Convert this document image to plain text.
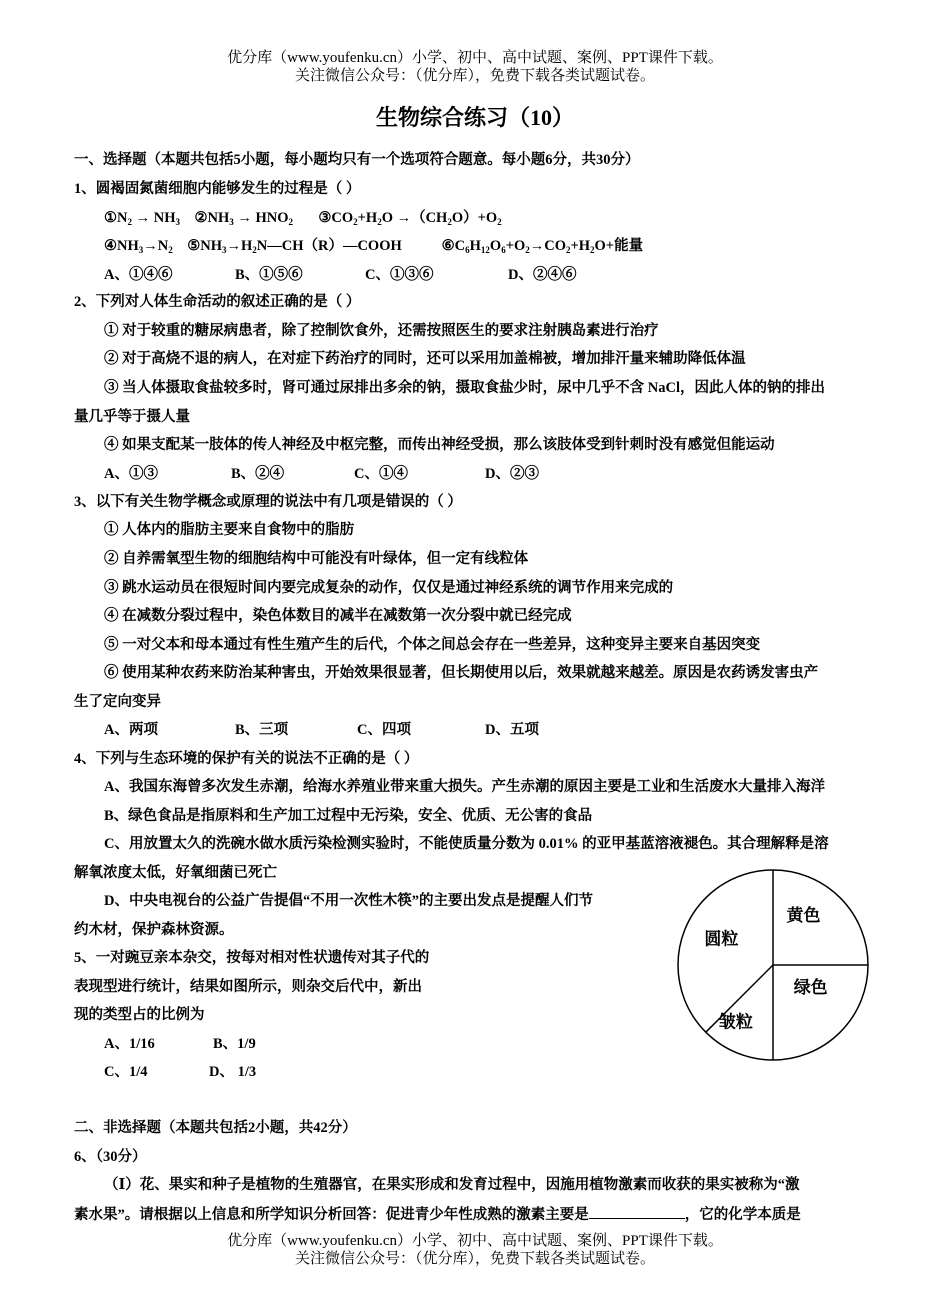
优分库（www.youfenku.cn）小学、初中、高中试题、案例、PPT课件下载。
关注微信公众号：（优分库），免费下载各类试题试卷。
生物综合练习（10）
一、选择题（本题共包括5小题，每小题均只有一个选项符合题意。每小题6分，共30分）
1、圆褐固氮菌细胞内能够发生的过程是（ ）
$①N_2 \to NH_3$    $②NH_3 \to HNO_2$       $③CO_2+H_2O \to(CH_2O)+O_2$
$④NH_3\to N_2$    $⑤NH_3\to H_2N—CH(R)—COOH$           $⑥C_6H_{12}O_6+O_2\to CO_2+H_2O+$能量
A、①④⑥	B、①⑤⑥	C、①③⑥	D、②④⑥
2、下列对人体生命活动的叙述正确的是（ ）
① 对于较重的糖尿病患者，除了控制饮食外，还需按照医生的要求注射胰岛素进行治疗
② 对于高烧不退的病人，在对症下药治疗的同时，还可以采用加盖棉被，增加排汗量来辅助降低体温
③ 当人体摄取食盐较多时，肾可通过尿排出多余的钠，摄取食盐少时，尿中几乎不含 NaCl，因此人体的钠的排出
量几乎等于摄人量
④ 如果支配某一肢体的传人神经及中枢完整，而传出神经受损，那么该肢体受到针刺时没有感觉但能运动
A、①③	B、②④	C、①④	D、②③
3、以下有关生物学概念或原理的说法中有几项是错误的（ ）
① 人体内的脂肪主要来自食物中的脂肪
② 自养需氧型生物的细胞结构中可能没有叶绿体，但一定有线粒体
③ 跳水运动员在很短时间内要完成复杂的动作，仅仅是通过神经系统的调节作用来完成的
④ 在减数分裂过程中，染色体数目的减半在减数第一次分裂中就已经完成
⑤ 一对父本和母本通过有性生殖产生的后代，个体之间总会存在一些差异，这种变异主要来自基因突变
⑥ 使用某种农药来防治某种害虫，开始效果很显著，但长期使用以后，效果就越来越差。原因是农药诱发害虫产
生了定向变异
A、两项	B、三项	C、四项	D、五项
4、下列与生态环境的保护有关的说法不正确的是（ ）
A、我国东海曾多次发生赤潮，给海水养殖业带来重大损失。产生赤潮的原因主要是工业和生活废水大量排入海洋
B、绿色食品是指原料和生产加工过程中无污染，安全、优质、无公害的食品
C、用放置太久的洗碗水做水质污染检测实验时，不能使质量分数为 0.01% 的亚甲基蓝溶液褪色。其合理解释是溶
解氧浓度太低，好氧细菌已死亡
D、中央电视台的公益广告提倡“不用一次性木筷”的主要出发点是提醒人们节
约木材，保护森林资源。
5、一对豌豆亲本杂交，按每对相对性状遗传对其子代的
表现型进行统计，结果如图所示，则杂交后代中，新出
现的类型占的比例为
A、1/16	B、1/9
C、1/4	D、 1/3
黄色
绿色
皱粒
圆粒
二、非选择题（本题共包括2小题，共42分）
6、（30分）
（Ⅰ）花、果实和种子是植物的生殖器官，在果实形成和发育过程中，因施用植物激素而收获的果实被称为“激
素水果”。请根据以上信息和所学知识分析回答：促进青少年性成熟的激素主要是	，它的化学本质是
优分库（www.youfenku.cn）小学、初中、高中试题、案例、PPT课件下载。
关注微信公众号：（优分库），免费下载各类试题试卷。
